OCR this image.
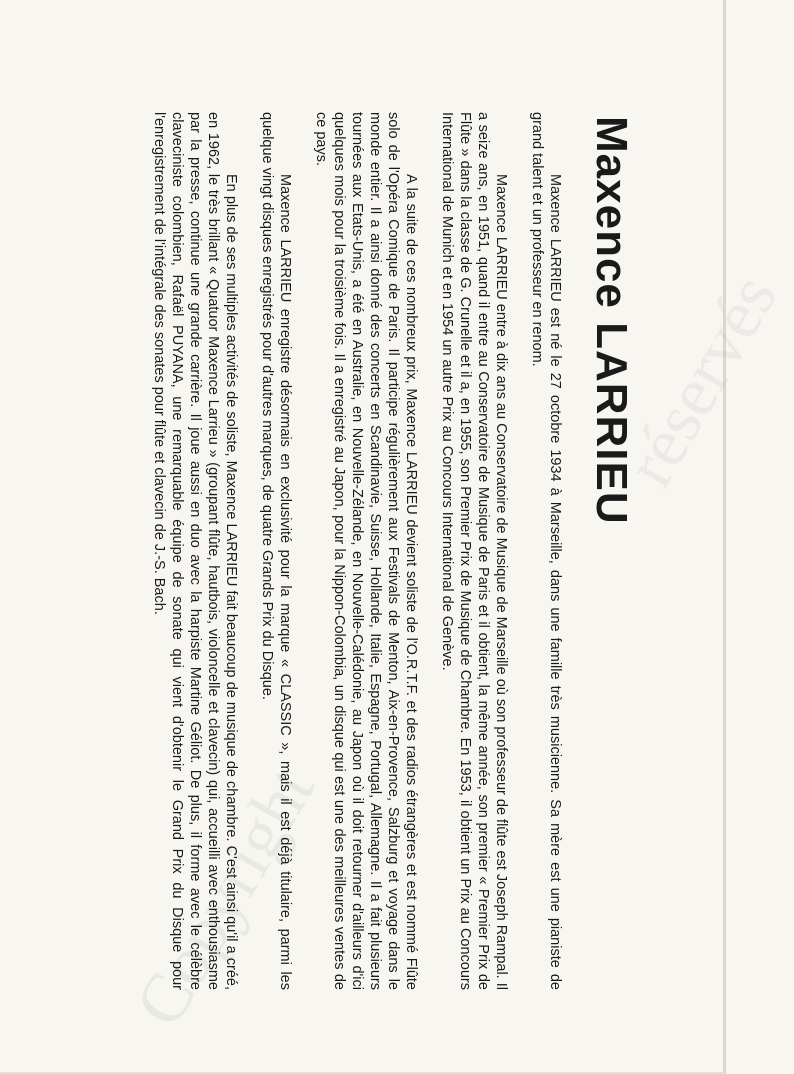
Copyright
réservés
Maxence LARRIEU

Maxence LARRIEU est né le 27 octobre 1934 à Marseille, dans une famille très musicienne. Sa mère est une pianiste de grand talent et un professeur en renom.

Maxence LARRIEU entre à dix ans au Conservatoire de Musique de Marseille où son professeur de flûte est Joseph Rampal. Il a seize ans, en 1951, quand il entre au Conservatoire de Musique de Paris et il obtient, la même année, son premier « Premier Prix de Flûte » dans la classe de G. Crunelle et il a, en 1955, son Premier Prix de Musique de Chambre. En 1953, il obtient un Prix au Concours International de Munich et en 1954 un autre Prix au Concours International de Genève.

A la suite de ces nombreux prix, Maxence LARRIEU devient soliste de l'O.R.T.F. et des radios étrangères et est nommé Flûte solo de l'Opéra Comique de Paris. Il participe régulièrement aux Festivals de Menton, Aix-en-Provence, Salzburg et voyage dans le monde entier. Il a ainsi donné des concerts en Scandinavie, Suisse, Hollande, Italie, Espagne, Portugal, Allemagne. Il a fait plusieurs tournées aux Etats-Unis, a été en Australie, en Nouvelle-Zélande, en Nouvelle-Calédonie, au Japon où il doit retourner d'ailleurs d'ici quelques mois pour la troisième fois. Il a enregistré au Japon, pour la Nippon-Colombia, un disque qui est une des meilleures ventes de ce pays.

Maxence LARRIEU enregistre désormais en exclusivité pour la marque « CLASSIC », mais il est déjà titulaire, parmi les quelque vingt disques enregistrés pour d'autres marques, de quatre Grands Prix du Disque.

En plus de ses multiples activités de soliste, Maxence LARRIEU fait beaucoup de musique de chambre. C'est ainsi qu'il a créé, en 1962, le très brillant « Quatuor Maxence Larrieu » (groupant flûte, hautbois, violoncelle et clavecin) qui, accueilli avec enthousiasme par la presse, continue une grande carrière. Il joue aussi en duo avec la harpiste Martine Géliot. De plus, il forme avec le célèbre claveciniste colombien, Rafaël PUYANA, une remarquable équipe de sonate qui vient d'obtenir le Grand Prix du Disque pour l'enregistrement de l'intégrale des sonates pour flûte et clavecin de J.-S. Bach.
